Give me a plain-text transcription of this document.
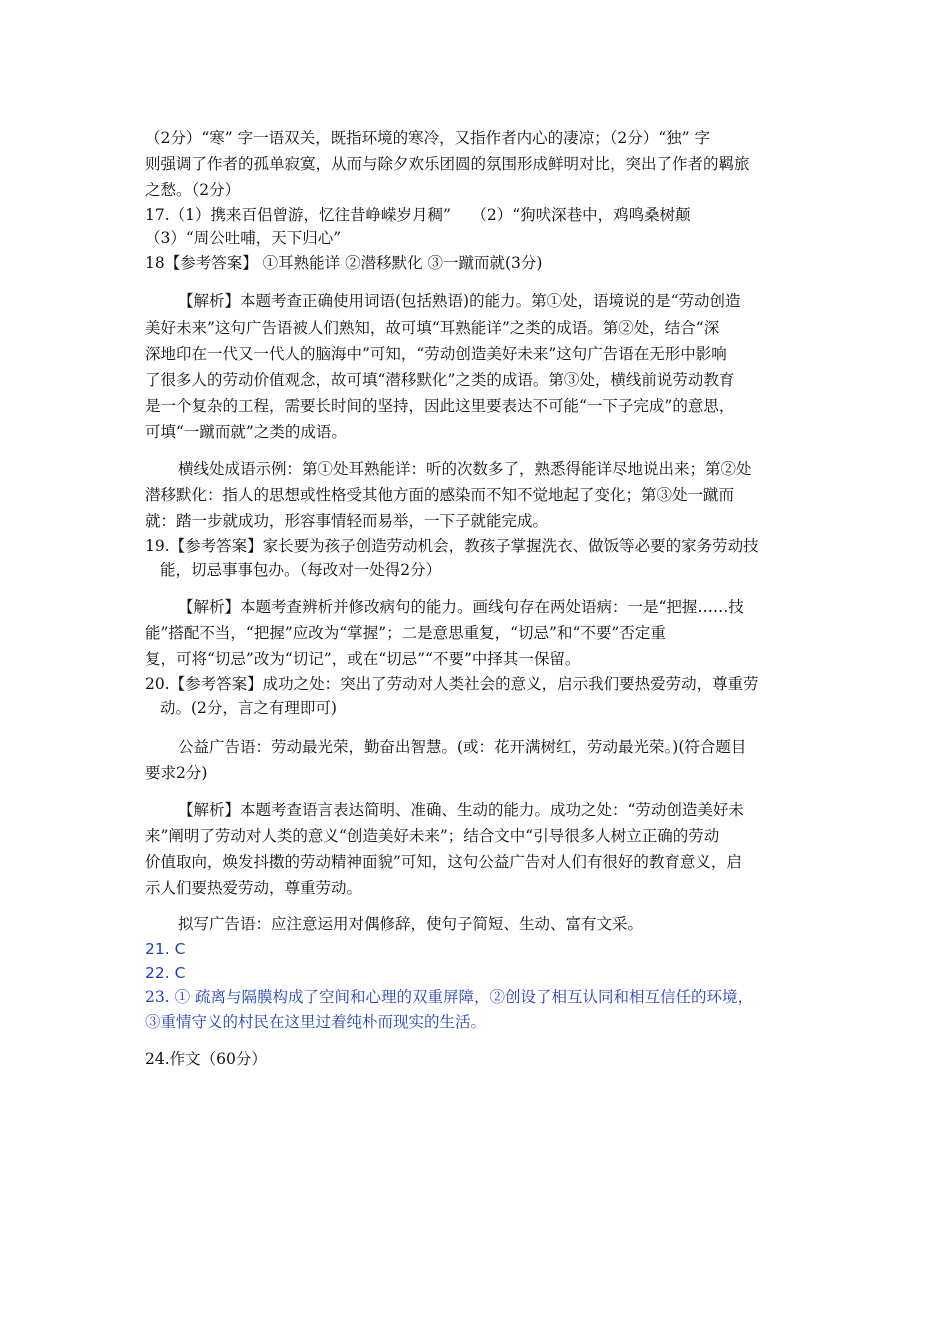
（2分）“寒” 字一语双关，既指环境的寒冷，又指作者内心的凄凉；（2分）“独” 字
则强调了作者的孤单寂寞，从而与除夕欢乐团圆的氛围形成鲜明对比，突出了作者的羁旅
之愁。（2分）
17.（1）携来百侣曾游，忆往昔峥嵘岁月稠”　 （2）“狗吠深巷中，鸡鸣桑树颠
（3）“周公吐哺，天下归心”
18【参考答案】 ①耳熟能详 ②潜移默化 ③一蹴而就(3分)
【解析】本题考查正确使用词语(包括熟语)的能力。第①处，语境说的是“劳动创造
美好未来”这句广告语被人们熟知，故可填“耳熟能详”之类的成语。第②处，结合“深
深地印在一代又一代人的脑海中”可知，“劳动创造美好未来”这句广告语在无形中影响
了很多人的劳动价值观念，故可填“潜移默化”之类的成语。第③处，横线前说劳动教育
是一个复杂的工程，需要长时间的坚持，因此这里要表达不可能“一下子完成”的意思，
可填“一蹴而就”之类的成语。
横线处成语示例：第①处耳熟能详：听的次数多了，熟悉得能详尽地说出来；第②处
潜移默化：指人的思想或性格受其他方面的感染而不知不觉地起了变化；第③处一蹴而
就：踏一步就成功，形容事情轻而易举，一下子就能完成。
19.【参考答案】家长要为孩子创造劳动机会，教孩子掌握洗衣、做饭等必要的家务劳动技
能，切忌事事包办。（每改对一处得2分）
【解析】本题考查辨析并修改病句的能力。画线句存在两处语病：一是“把握……技
能”搭配不当，“把握”应改为“掌握”；二是意思重复，“切忌”和“不要”否定重
复，可将“切忌”改为“切记”，或在“切忌”“不要”中择其一保留。
20.【参考答案】成功之处：突出了劳动对人类社会的意义，启示我们要热爱劳动，尊重劳
动。(2分，言之有理即可)
公益广告语：劳动最光荣，勤奋出智慧。(或：花开满树红，劳动最光荣。)(符合题目
要求2分)
【解析】本题考查语言表达简明、准确、生动的能力。成功之处：“劳动创造美好未
来”阐明了劳动对人类的意义“创造美好未来”；结合文中“引导很多人树立正确的劳动
价值取向，焕发抖擞的劳动精神面貌”可知，这句公益广告对人们有很好的教育意义，启
示人们要热爱劳动，尊重劳动。
拟写广告语：应注意运用对偶修辞，使句子简短、生动、富有文采。
21. C
22. C
23. ① 疏离与隔膜构成了空间和心理的双重屏障，②创设了相互认同和相互信任的环境，
③重情守义的村民在这里过着纯朴而现实的生活。
24.作文（60分）
